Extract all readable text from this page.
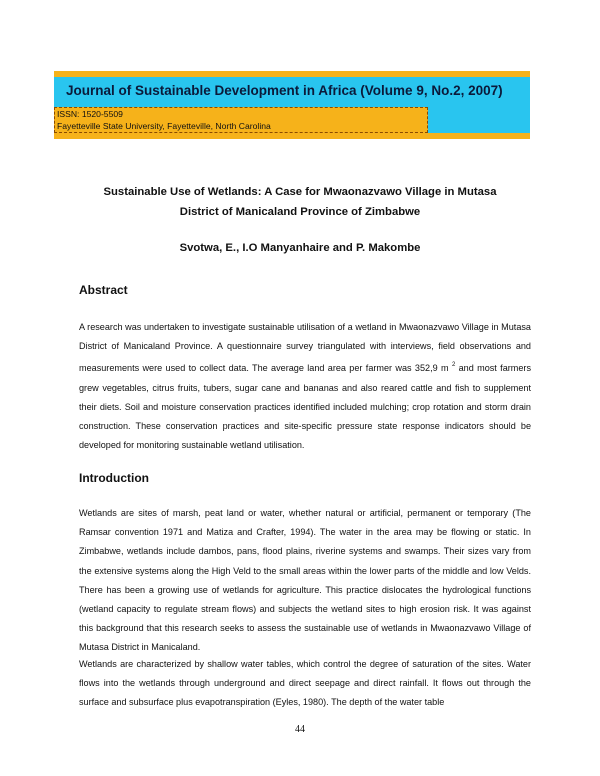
Journal of Sustainable Development in Africa (Volume 9, No.2, 2007)
ISSN: 1520-5509
Fayetteville State University, Fayetteville, North Carolina
Sustainable Use of Wetlands: A Case for Mwaonazvawo Village in Mutasa
District of Manicaland Province of Zimbabwe

Svotwa, E., I.O Manyanhaire and P. Makombe

Abstract

A research was undertaken to investigate sustainable utilisation of a wetland in Mwaonazvawo Village in Mutasa District of Manicaland Province. A questionnaire survey triangulated with interviews, field observations and measurements were used to collect data. The average land area per farmer was 352,9 m $^2$ and most farmers grew vegetables, citrus fruits, tubers, sugar cane and bananas and also reared cattle and fish to supplement their diets. Soil and moisture conservation practices identified included mulching; crop rotation and storm drain construction. These conservation practices and site-specific pressure state response indicators should be developed for monitoring sustainable wetland utilisation.

Introduction

Wetlands are sites of marsh, peat land or water, whether natural or artificial, permanent or temporary (The Ramsar convention 1971 and Matiza and Crafter, 1994). The water in the area may be flowing or static. In Zimbabwe, wetlands include dambos, pans, flood plains, riverine systems and swamps. Their sizes vary from the extensive systems along the High Veld to the small areas within the lower parts of the middle and low Velds. There has been a growing use of wetlands for agriculture. This practice dislocates the hydrological functions (wetland capacity to regulate stream flows) and subjects the wetland sites to high erosion risk. It was against this background that this research seeks to assess the sustainable use of wetlands in Mwaonazvawo Village of Mutasa District in Manicaland.

Wetlands are characterized by shallow water tables, which control the degree of saturation of the sites. Water flows into the wetlands through underground and direct seepage and direct rainfall. It flows out through the surface and subsurface plus evapotranspiration (Eyles, 1980). The depth of the water table

44
